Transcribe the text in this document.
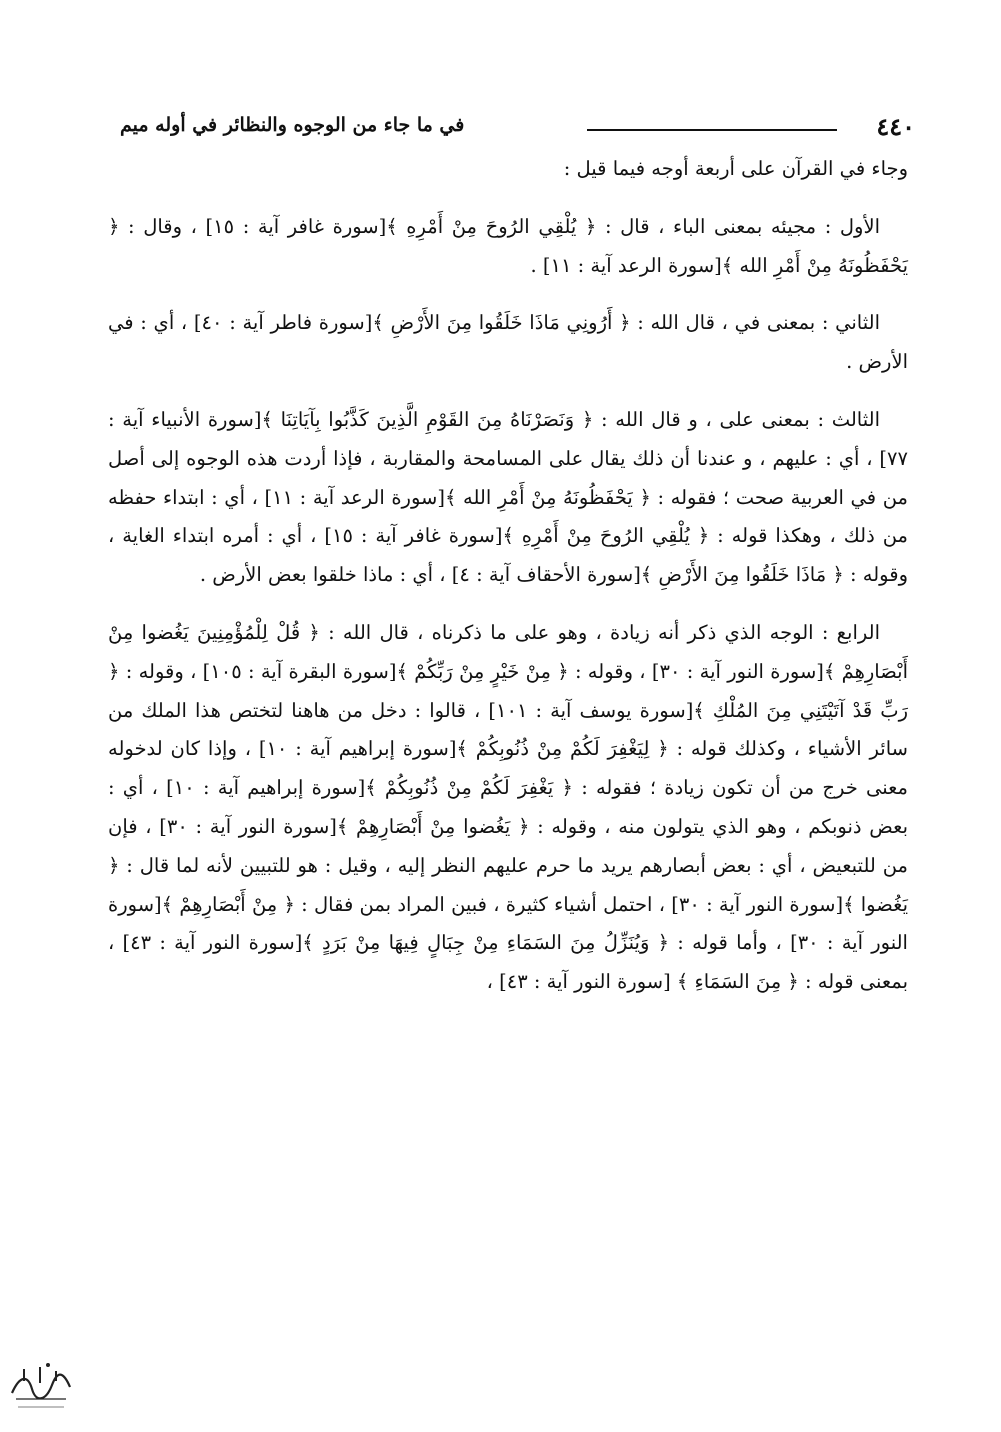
٤٤٠
في ما جاء من الوجوه والنظائر في أوله ميم

وجاء في القرآن على أربعة أوجه فيما قيل :

الأول : مجيئه بمعنى الباء ، قال : ﴿ يُلْقِي الرُوحَ مِنْ أَمْرِهِ ﴾[سورة غافر آية : ١٥] ، وقال : ﴿ يَحْفَظُونَهُ مِنْ أَمْرِ الله ﴾[سورة الرعد آية : ١١] .

الثاني : بمعنى في ، قال الله : ﴿ أَرُونِي مَاذَا خَلَقُوا مِنَ الأَرْضِ ﴾[سورة فاطر آية : ٤٠] ، أي : في الأرض .

الثالث : بمعنى على ، و قال الله : ﴿ وَنَصَرْنَاهُ مِنَ القَوْمِ الَّذِينَ كَذَّبُوا بِآيَاتِنَا ﴾[سورة الأنبياء آية : ٧٧] ، أي : عليهم ، و عندنا أن ذلك يقال على المسامحة والمقاربة ، فإذا أردت هذه الوجوه إلى أصل من في العربية صحت ؛ فقوله : ﴿ يَحْفَظُونَهُ مِنْ أَمْرِ الله ﴾[سورة الرعد آية : ١١] ، أي : ابتداء حفظه من ذلك ، وهكذا قوله : ﴿ يُلْقِي الرُوحَ مِنْ أَمْرِهِ ﴾[سورة غافر آية : ١٥] ، أي : أمره ابتداء الغاية ، وقوله : ﴿ مَاذَا خَلَقُوا مِنَ الأَرْضِ ﴾[سورة الأحقاف آية : ٤] ، أي : ماذا خلقوا بعض الأرض .

الرابع : الوجه الذي ذكر أنه زيادة ، وهو على ما ذكرناه ، قال الله : ﴿ قُلْ لِلْمُؤْمِنِينَ يَغُضوا مِنْ أَبْصَارِهِمْ ﴾[سورة النور آية : ٣٠] ، وقوله : ﴿ مِنْ خَيْرٍ مِنْ رَبِّكُمْ ﴾[سورة البقرة آية : ١٠٥] ، وقوله : ﴿ رَبِّ قَدْ آتَيْتَنِي مِنَ المُلْكِ ﴾[سورة يوسف آية : ١٠١] ، قالوا : دخل من هاهنا لتختص هذا الملك من سائر الأشياء ، وكذلك قوله : ﴿ لِيَغْفِرَ لَكُمْ مِنْ ذُنُوبِكُمْ ﴾[سورة إبراهيم آية : ١٠] ، وإذا كان لدخوله معنى خرج من أن تكون زيادة ؛ فقوله : ﴿ يَغْفِرَ لَكُمْ مِنْ ذُنُوبِكُمْ ﴾[سورة إبراهيم آية : ١٠] ، أي : بعض ذنوبكم ، وهو الذي يتولون منه ، وقوله : ﴿ يَغُضوا مِنْ أَبْصَارِهِمْ ﴾[سورة النور آية : ٣٠] ، فإن من للتبعيض ، أي : بعض أبصارهم يريد ما حرم عليهم النظر إليه ، وقيل : هو للتبيين لأنه لما قال : ﴿ يَغُضوا ﴾[سورة النور آية : ٣٠] ، احتمل أشياء كثيرة ، فبين المراد بمن فقال : ﴿ مِنْ أَبْصَارِهِمْ ﴾[سورة النور آية : ٣٠] ، وأما قوله : ﴿ وَيُنَزِّلُ مِنَ السَمَاءِ مِنْ جِبَالٍ فِيهَا مِنْ بَرَدٍ ﴾[سورة النور آية : ٤٣] ، بمعنى قوله : ﴿ مِنَ السَمَاءِ ﴾ [سورة النور آية : ٤٣] ،
